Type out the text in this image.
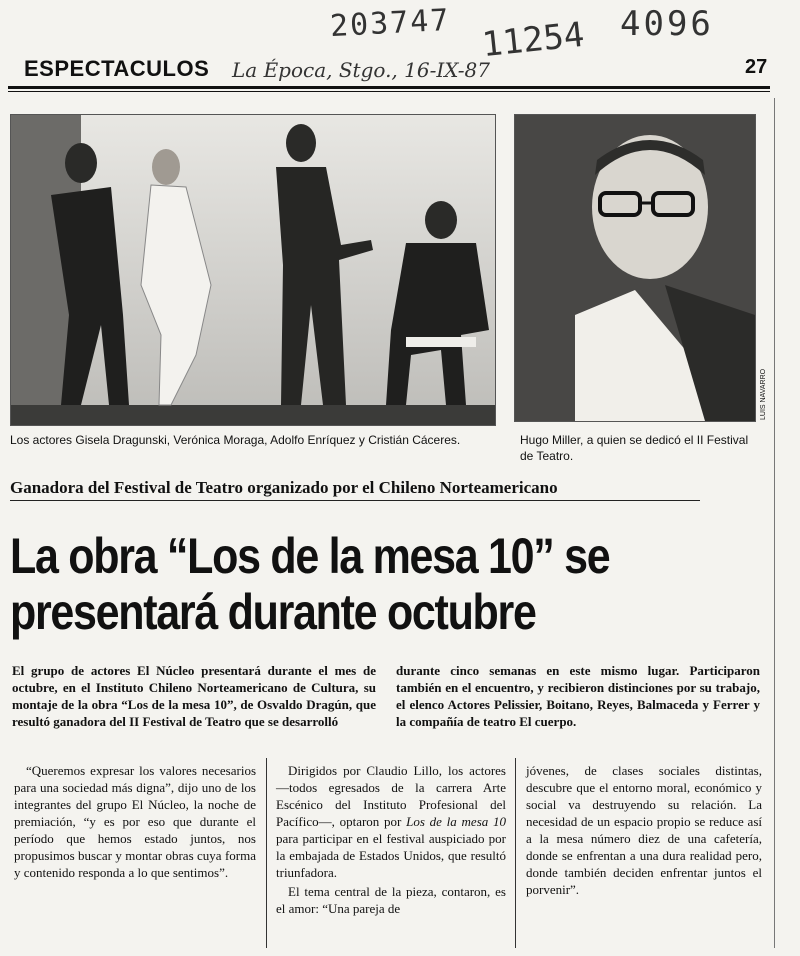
203747 11254 4096
ESPECTACULOS La Época, Stgo., 16-IX-87	27
Los actores Gisela Dragunski, Verónica Moraga, Adolfo Enríquez y Cristián Cáceres.
LUIS NAVARRO
Hugo Miller, a quien se dedicó el II Festival de Teatro.
Ganadora del Festival de Teatro organizado por el Chileno Norteamericano
La obra “Los de la mesa 10” se
presentará durante octubre
El grupo de actores El Núcleo presentará durante el mes de octubre, en el Instituto Chileno Norteamericano de Cultura, su montaje de la obra “Los de la mesa 10”, de Osvaldo Dragún, que resultó ganadora del II Festival de Teatro que se desarrolló
durante cinco semanas en este mismo lugar. Participaron también en el encuentro, y recibieron distinciones por su trabajo, el elenco Actores Pelissier, Boitano, Reyes, Balmaceda y Ferrer y la compañía de teatro El cuerpo.
“Queremos expresar los valores necesarios para una sociedad más digna”, dijo uno de los integrantes del grupo El Núcleo, la noche de premiación, “y es por eso que durante el período que hemos estado juntos, nos propusimos buscar y montar obras cuya forma y contenido responda a lo que sentimos”.
Dirigidos por Claudio Lillo, los actores —todos egresados de la carrera Arte Escénico del Instituto Profesional del Pacífico—, optaron por Los de la mesa 10 para participar en el festival auspiciado por la embajada de Estados Unidos, que resultó triunfadora.
El tema central de la pieza, contaron, es el amor: “Una pareja de
jóvenes, de clases sociales distintas, descubre que el entorno moral, económico y social va destruyendo su relación. La necesidad de un espacio propio se reduce así a la mesa número diez de una cafetería, donde se enfrentan a una dura realidad pero, donde también deciden enfrentar juntos el porvenir”.
